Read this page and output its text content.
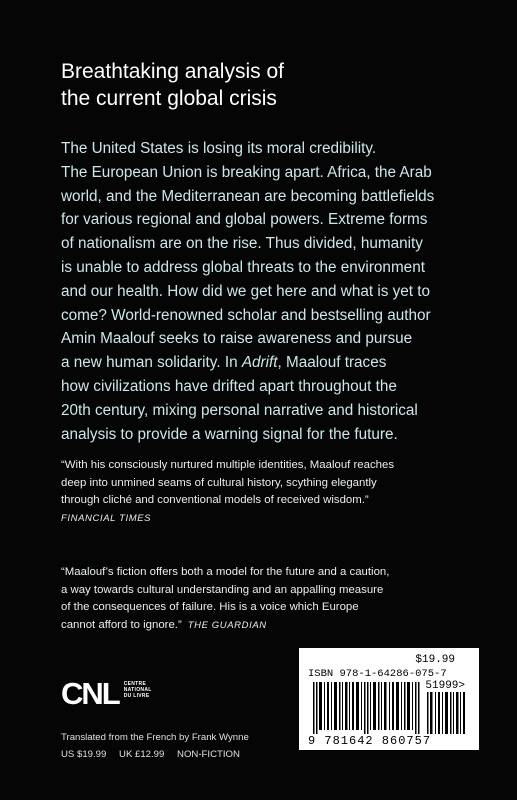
Breathtaking analysis of
the current global crisis
The United States is losing its moral credibility.
The European Union is breaking apart. Africa, the Arab
world, and the Mediterranean are becoming battlefields
for various regional and global powers. Extreme forms
of nationalism are on the rise. Thus divided, humanity
is unable to address global threats to the environment
and our health. How did we get here and what is yet to
come? World-renowned scholar and bestselling author
Amin Maalouf seeks to raise awareness and pursue
a new human solidarity. In Adrift, Maalouf traces
how civilizations have drifted apart throughout the
20th century, mixing personal narrative and historical
analysis to provide a warning signal for the future.
“With his consciously nurtured multiple identities, Maalouf reaches
deep into unmined seams of cultural history, scything elegantly
through cliché and conventional models of received wisdom.”
FINANCIAL TIMES
“Maalouf’s fiction offers both a model for the future and a caution,
a way towards cultural understanding and an appalling measure
of the consequences of failure. His is a voice which Europe
cannot afford to ignore.” THE GUARDIAN
CNL CENTRE
NATIONAL
DU LIVRE
Translated from the French by Frank Wynne
US $19.99 UK £12.99 NON-FICTION
$19.99
ISBN 978-1-64286-075-7
51999>
9 781642 860757
